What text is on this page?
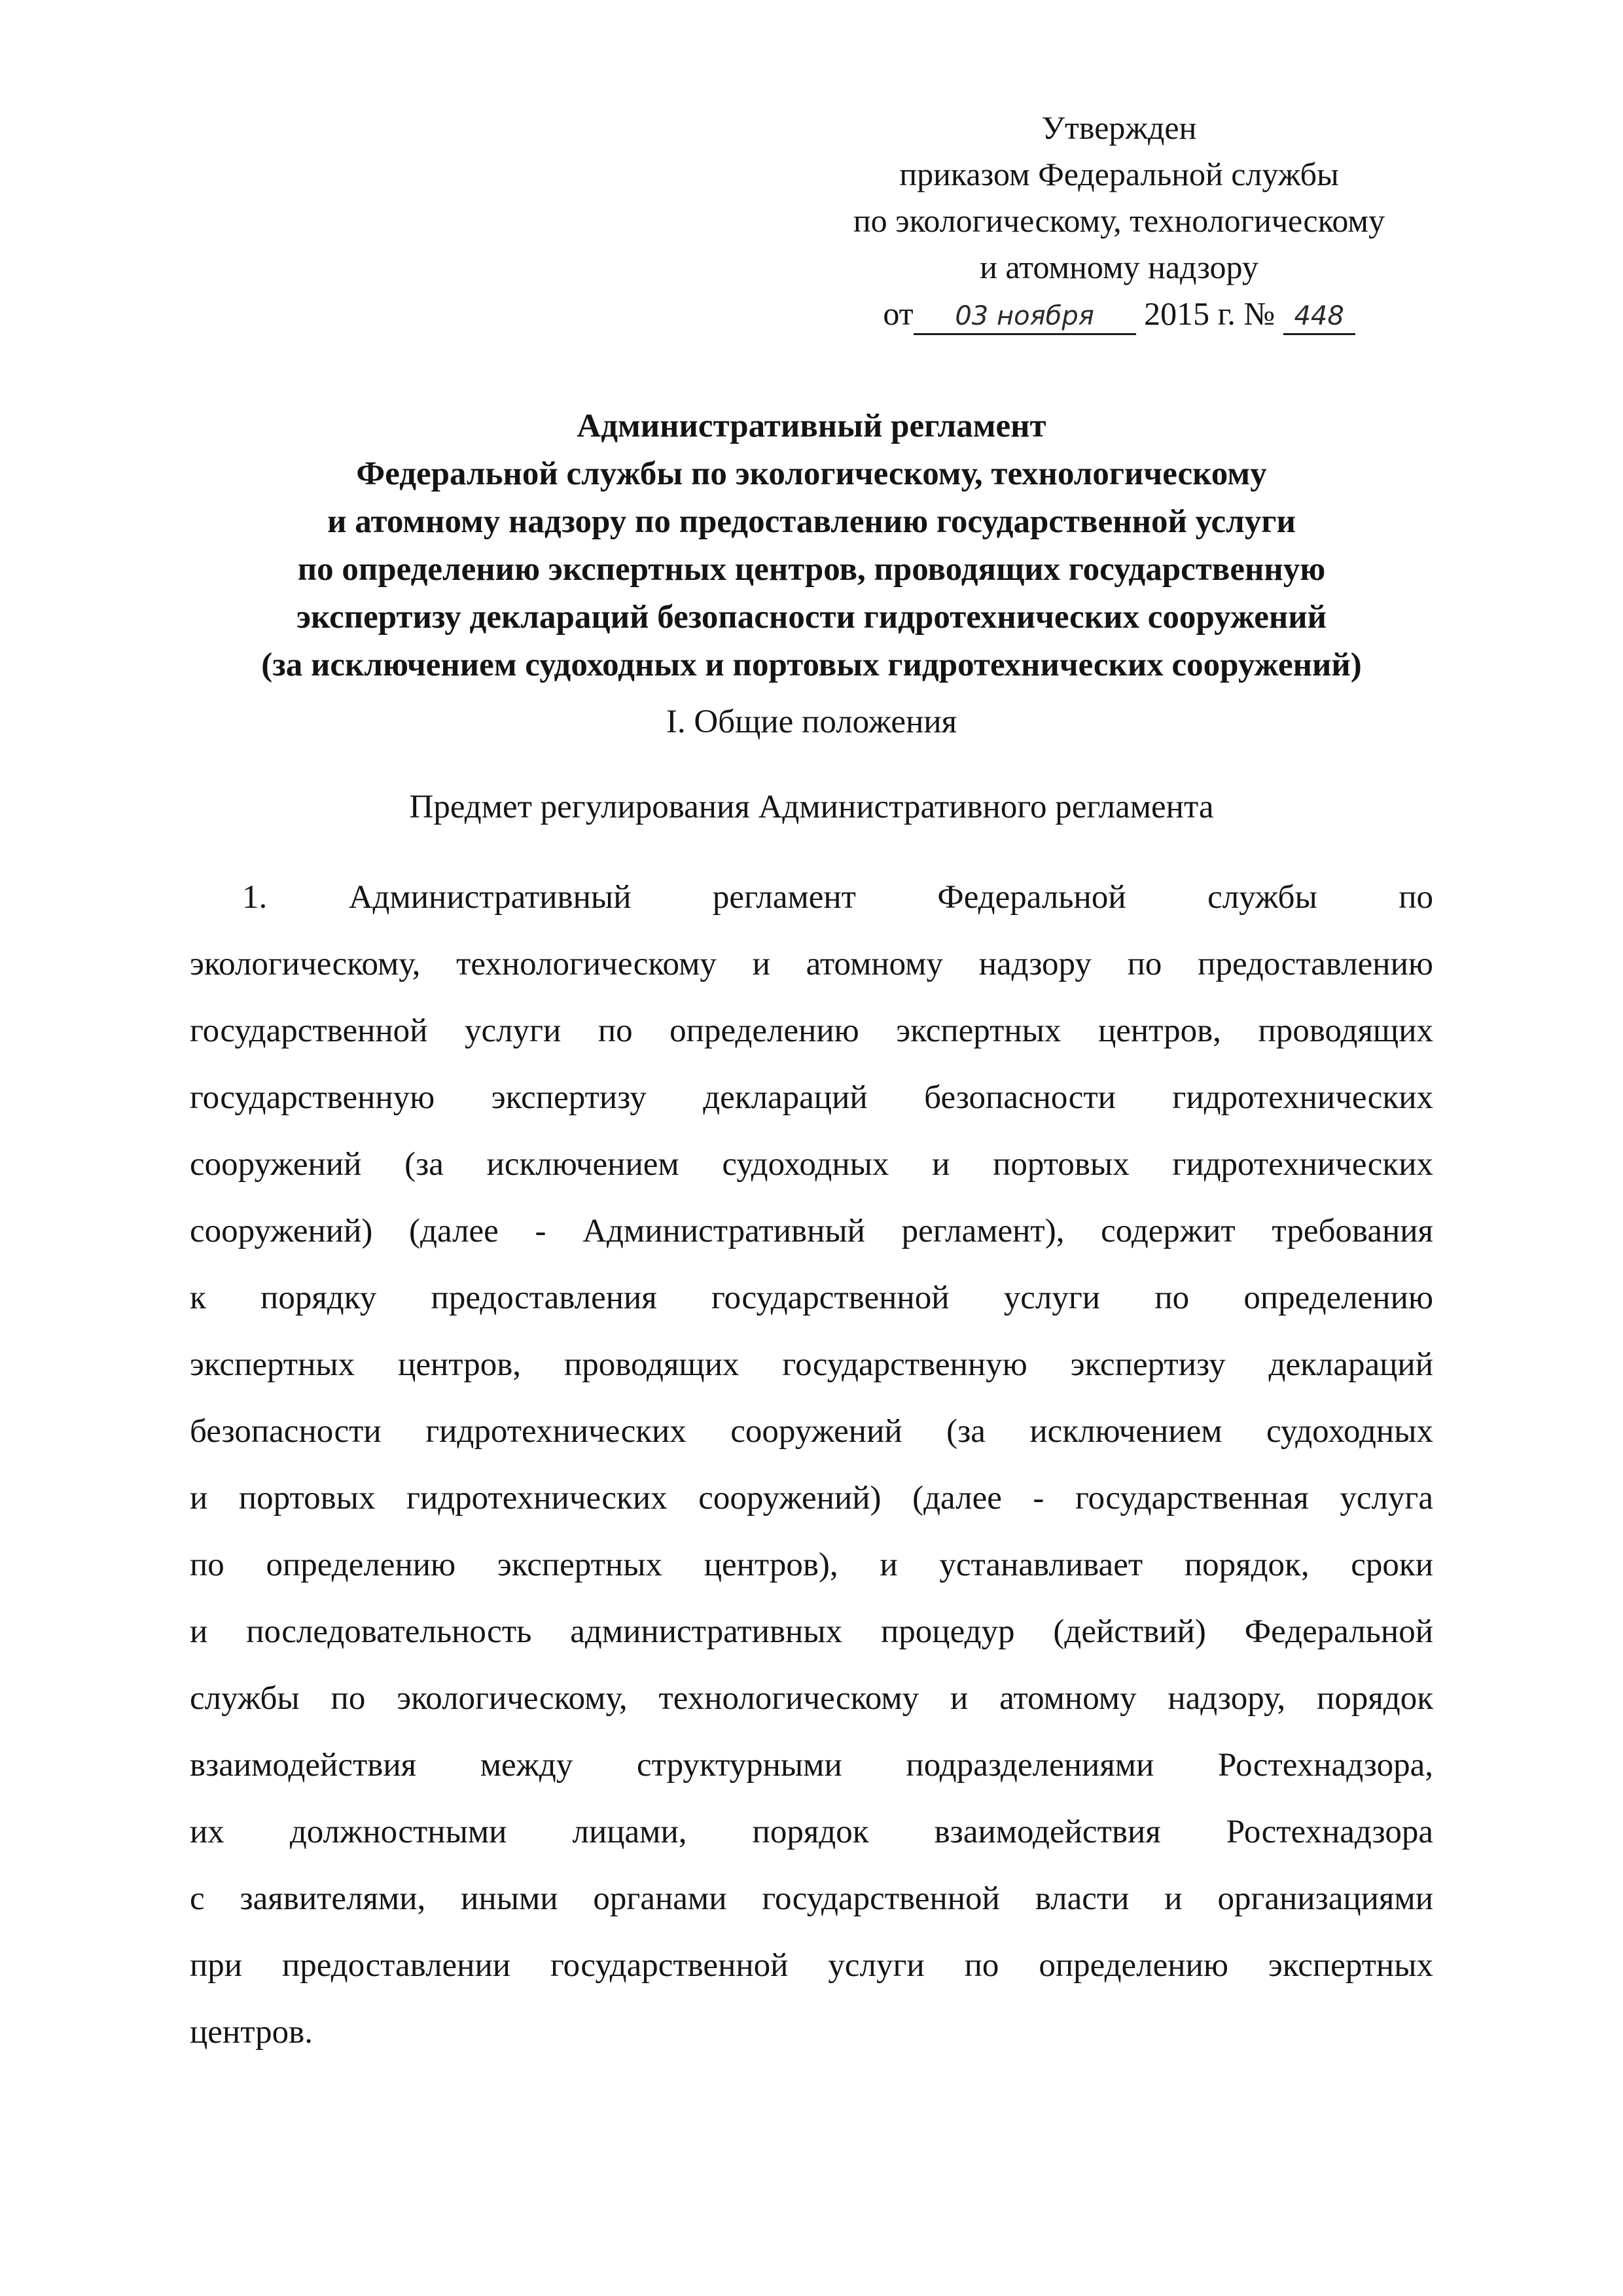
Утвержден
приказом Федеральной службы
по экологическому, технологическому
и атомному надзору
от 03 ноября 2015 г. № 448
Административный регламент
Федеральной службы по экологическому, технологическому
и атомному надзору по предоставлению государственной услуги
по определению экспертных центров, проводящих государственную
экспертизу деклараций безопасности гидротехнических сооружений
(за исключением судоходных и портовых гидротехнических сооружений)
I. Общие положения
Предмет регулирования Административного регламента
1. Административный регламент Федеральной службы по
экологическому, технологическому и атомному надзору по предоставлению
государственной услуги по определению экспертных центров, проводящих
государственную экспертизу деклараций безопасности гидротехнических
сооружений (за исключением судоходных и портовых гидротехнических
сооружений) (далее - Административный регламент), содержит требования
к порядку предоставления государственной услуги по определению
экспертных центров, проводящих государственную экспертизу деклараций
безопасности гидротехнических сооружений (за исключением судоходных
и портовых гидротехнических сооружений) (далее - государственная услуга
по определению экспертных центров), и устанавливает порядок, сроки
и последовательность административных процедур (действий) Федеральной
службы по экологическому, технологическому и атомному надзору, порядок
взаимодействия между структурными подразделениями Ростехнадзора,
их должностными лицами, порядок взаимодействия Ростехнадзора
с заявителями, иными органами государственной власти и организациями
при предоставлении государственной услуги по определению экспертных
центров.
